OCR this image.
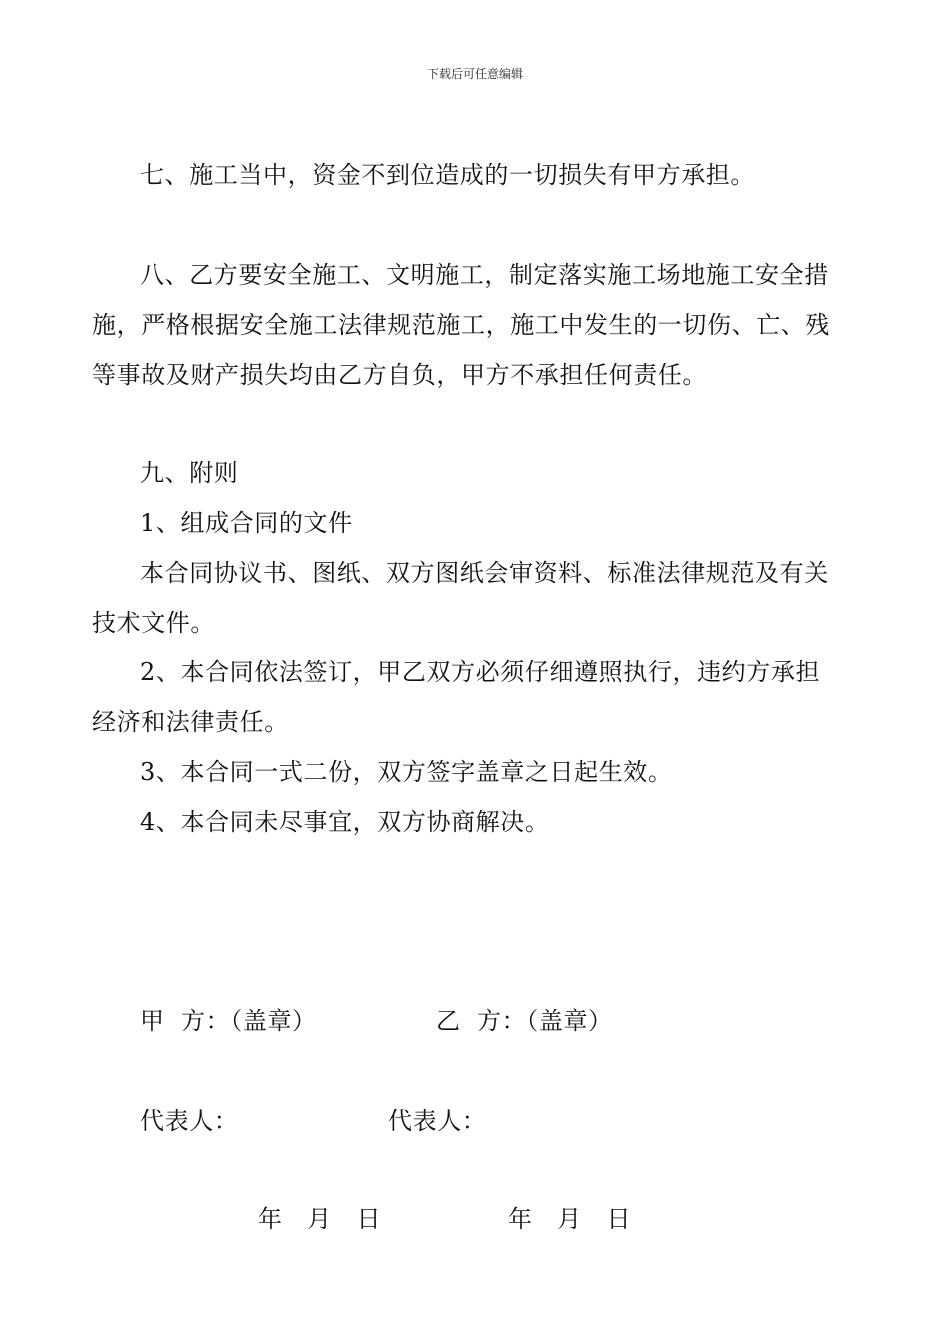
下载后可任意编辑
七、施工当中，资金不到位造成的一切损失有甲方承担。
八、乙方要安全施工、文明施工，制定落实施工场地施工安全措
施，严格根据安全施工法律规范施工，施工中发生的一切伤、亡、残
等事故及财产损失均由乙方自负，甲方不承担任何责任。
九、附则
1、组成合同的文件
本合同协议书、图纸、双方图纸会审资料、标准法律规范及有关
技术文件。
2、本合同依法签订，甲乙双方必须仔细遵照执行，违约方承担
经济和法律责任。
3、本合同一式二份，双方签字盖章之日起生效。
4、本合同未尽事宜，双方协商解决。
甲  方：（盖章）	乙  方：（盖章）
代表人：	代表人：
年   月   日	年   月   日
